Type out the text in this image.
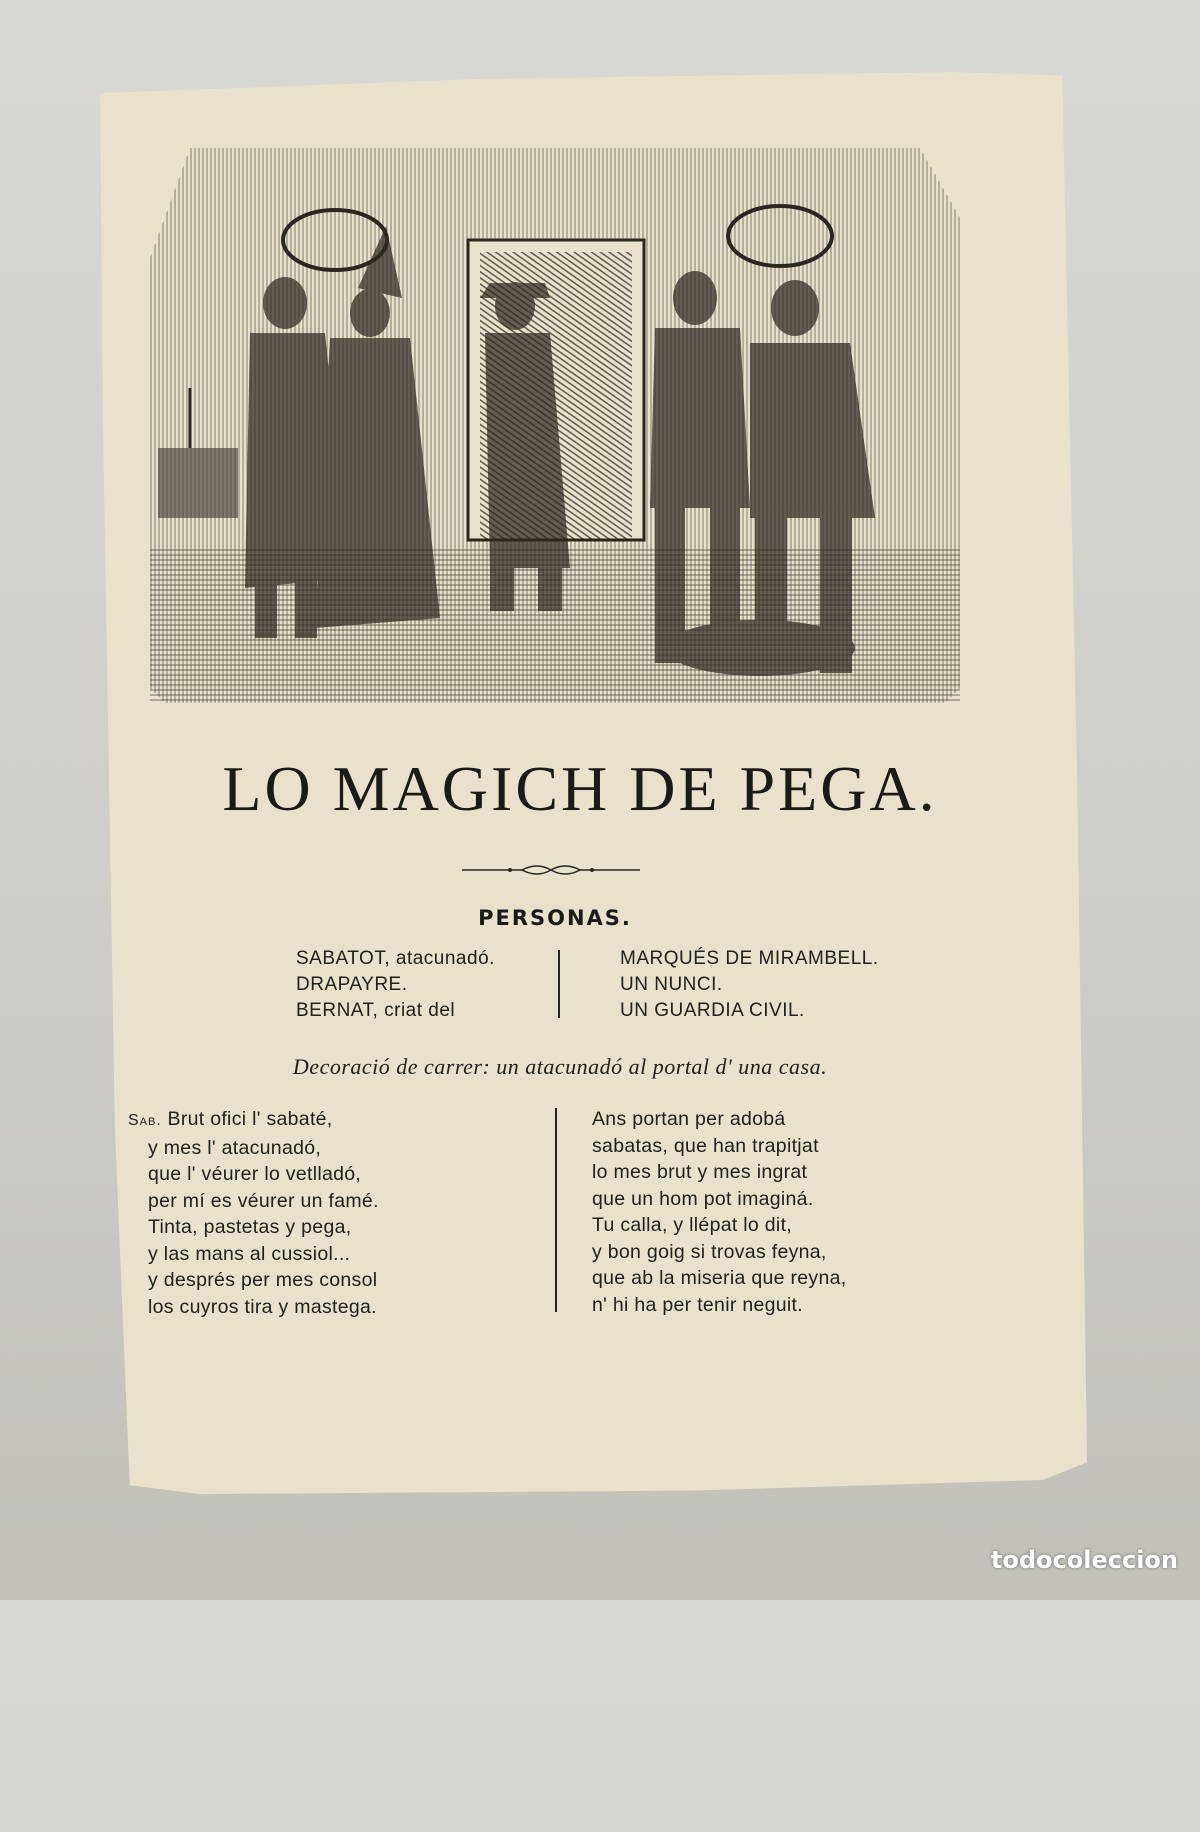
LO MAGICH DE PEGA.
PERSONAS.
SABATOT, atacunadó.
DRAPAYRE.
BERNAT, criat del
MARQUÉS DE MIRAMBELL.
UN NUNCI.
UN GUARDIA CIVIL.
Decoració de carrer: un atacunadó al portal d' una casa.
Sab. Brut ofici l' sabaté,
y mes l' atacunadó,
que l' véurer lo vetlladó,
per mí es véurer un famé.
Tinta, pastetas y pega,
y las mans al cussiol...
y després per mes consol
los cuyros tira y mastega.
Ans portan per adobá
sabatas, que han trapitjat
lo mes brut y mes ingrat
que un hom pot imaginá.
Tu calla, y llépat lo dit,
y bon goig si trovas feyna,
que ab la miseria que reyna,
n' hi ha per tenir neguit.
todocoleccion
